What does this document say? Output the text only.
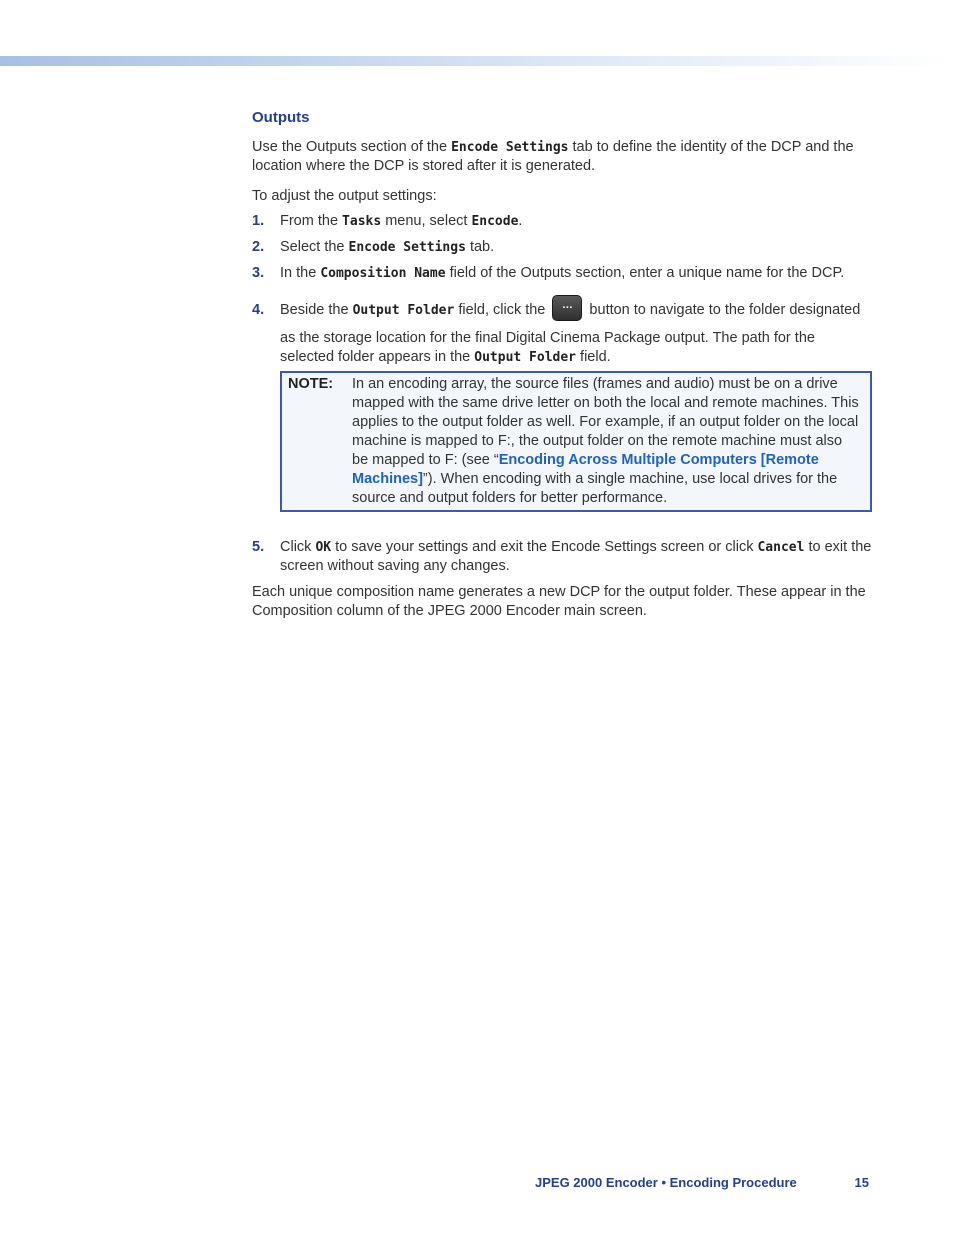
Outputs

Use the Outputs section of the Encode Settings tab to define the identity of the DCP and the location where the DCP is stored after it is generated.

To adjust the output settings:

1. From the Tasks menu, select Encode.
2. Select the Encode Settings tab.
3. In the Composition Name field of the Outputs section, enter a unique name for the DCP.
4. Beside the Output Folder field, click the … button to navigate to the folder designated as the storage location for the final Digital Cinema Package output. The path for the selected folder appears in the Output Folder field.
NOTE:	In an encoding array, the source files (frames and audio) must be on a drive mapped with the same drive letter on both the local and remote machines. This applies to the output folder as well. For example, if an output folder on the local machine is mapped to F:, the output folder on the remote machine must also be mapped to F: (see “Encoding Across Multiple Computers [Remote Machines]”). When encoding with a single machine, use local drives for the source and output folders for better performance.
5. Click OK to save your settings and exit the Encode Settings screen or click Cancel to exit the screen without saving any changes.

Each unique composition name generates a new DCP for the output folder. These appear in the Composition column of the JPEG 2000 Encoder main screen.

JPEG 2000 Encoder • Encoding Procedure	15
